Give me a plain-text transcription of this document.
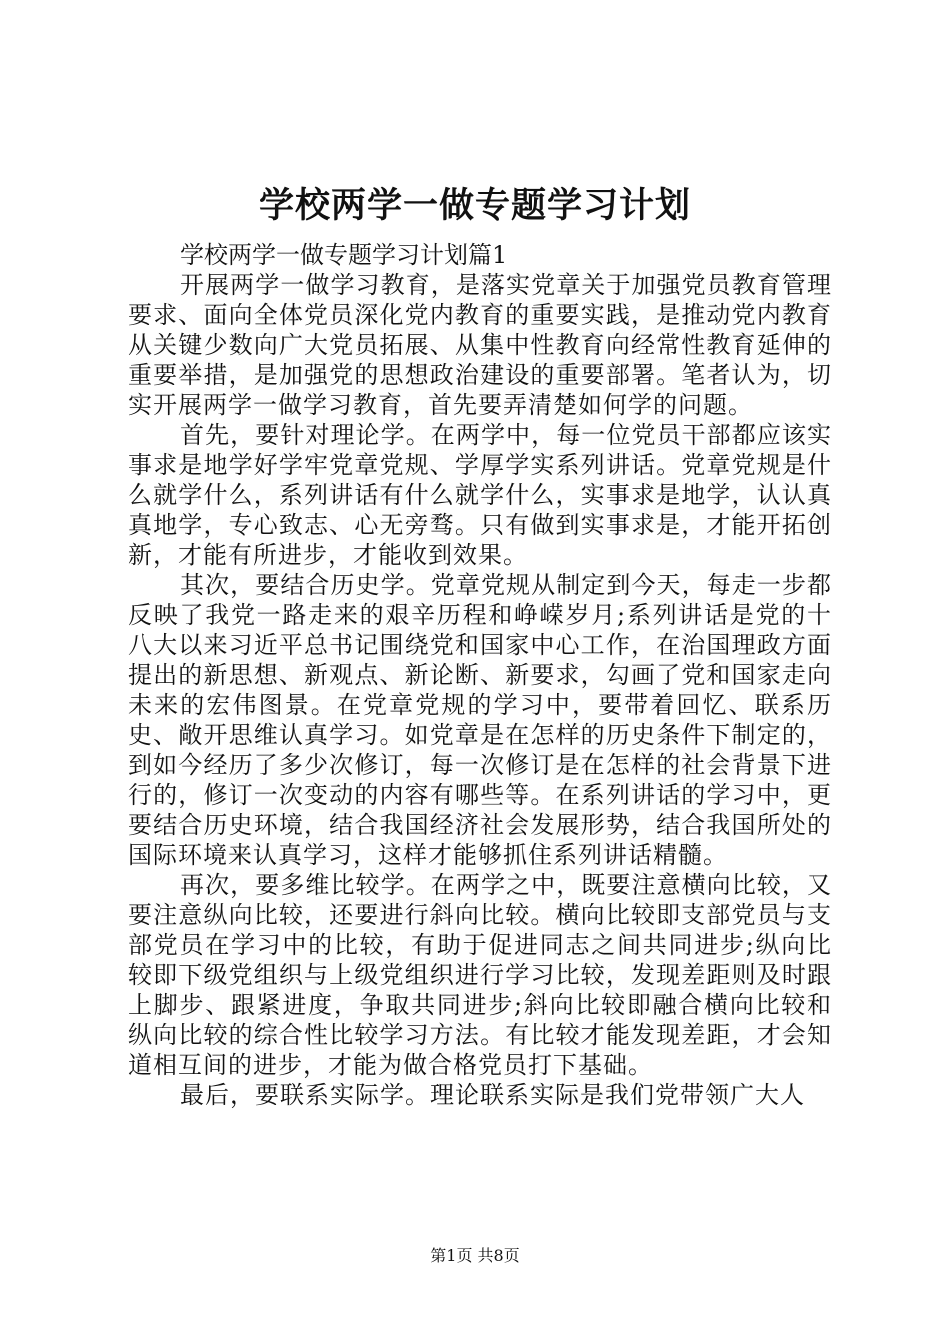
学校两学一做专题学习计划

学校两学一做专题学习计划篇1

开展两学一做学习教育，是落实党章关于加强党员教育管理要求、面向全体党员深化党内教育的重要实践，是推动党内教育从关键少数向广大党员拓展、从集中性教育向经常性教育延伸的重要举措，是加强党的思想政治建设的重要部署。笔者认为，切实开展两学一做学习教育，首先要弄清楚如何学的问题。

首先，要针对理论学。在两学中，每一位党员干部都应该实事求是地学好学牢党章党规、学厚学实系列讲话。党章党规是什么就学什么，系列讲话有什么就学什么，实事求是地学，认认真真地学，专心致志、心无旁骛。只有做到实事求是，才能开拓创新，才能有所进步，才能收到效果。

其次，要结合历史学。党章党规从制定到今天，每走一步都反映了我党一路走来的艰辛历程和峥嵘岁月;系列讲话是党的十八大以来习近平总书记围绕党和国家中心工作，在治国理政方面提出的新思想、新观点、新论断、新要求，勾画了党和国家走向未来的宏伟图景。在党章党规的学习中，要带着回忆、联系历史、敞开思维认真学习。如党章是在怎样的历史条件下制定的，到如今经历了多少次修订，每一次修订是在怎样的社会背景下进行的，修订一次变动的内容有哪些等。在系列讲话的学习中，更要结合历史环境，结合我国经济社会发展形势，结合我国所处的国际环境来认真学习，这样才能够抓住系列讲话精髓。

再次，要多维比较学。在两学之中，既要注意横向比较，又要注意纵向比较，还要进行斜向比较。横向比较即支部党员与支部党员在学习中的比较，有助于促进同志之间共同进步;纵向比较即下级党组织与上级党组织进行学习比较，发现差距则及时跟上脚步、跟紧进度，争取共同进步;斜向比较即融合横向比较和纵向比较的综合性比较学习方法。有比较才能发现差距，才会知道相互间的进步，才能为做合格党员打下基础。

最后，要联系实际学。理论联系实际是我们党带领广大人

第1页 共8页
